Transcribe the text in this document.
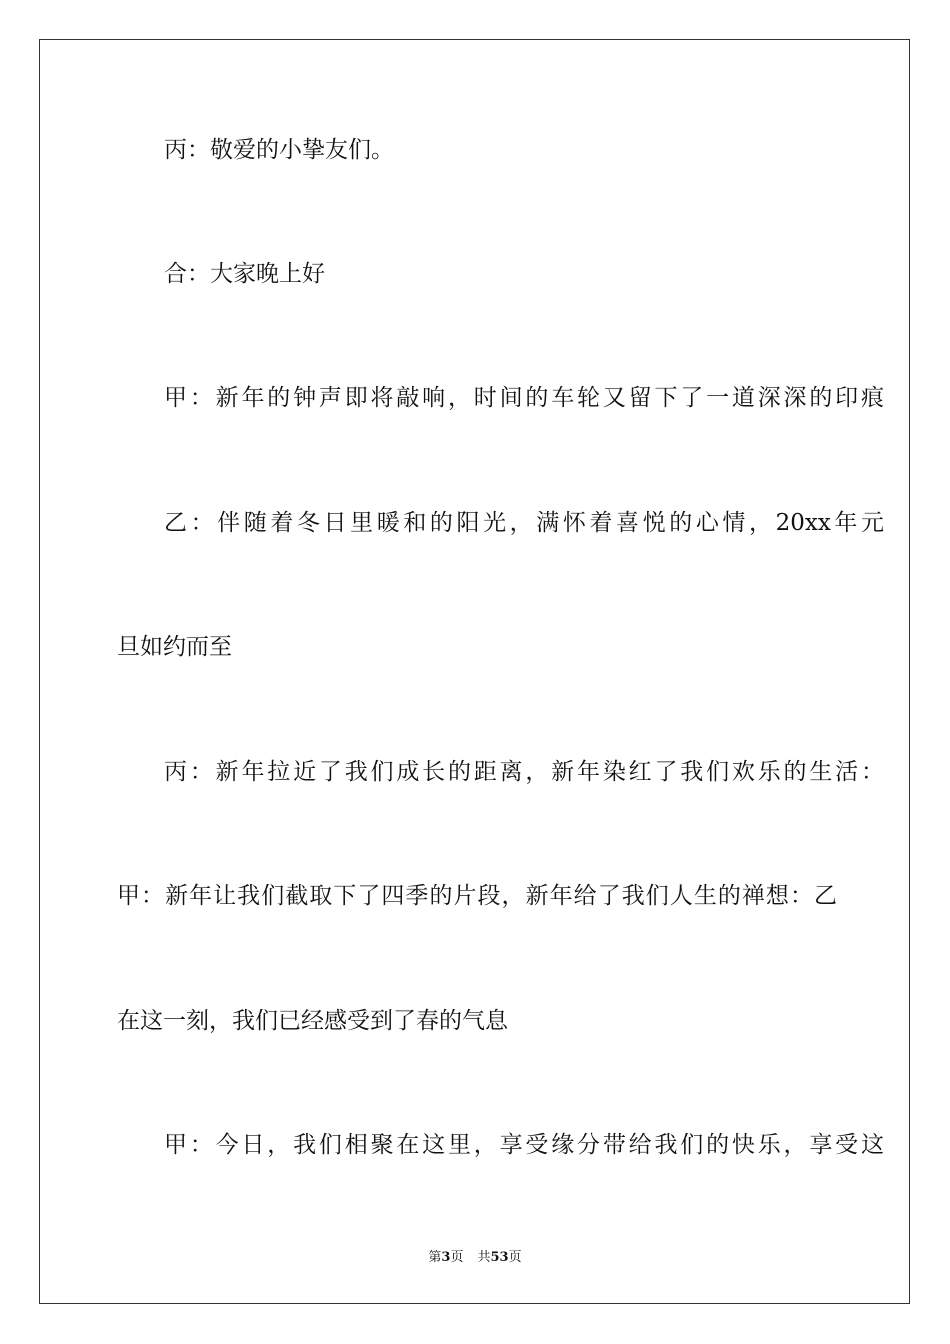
丙：敬爱的小挚友们。
合：大家晚上好
甲：新年的钟声即将敲响，时间的车轮又留下了一道深深的印痕
乙：伴随着冬日里暖和的阳光，满怀着喜悦的心情，20xx年元
旦如约而至
丙：新年拉近了我们成长的距离，新年染红了我们欢乐的生活：
甲：新年让我们截取下了四季的片段，新年给了我们人生的禅想：乙
在这一刻，我们已经感受到了春的气息
甲：今日，我们相聚在这里，享受缘分带给我们的快乐，享受这
第3页 共53页
